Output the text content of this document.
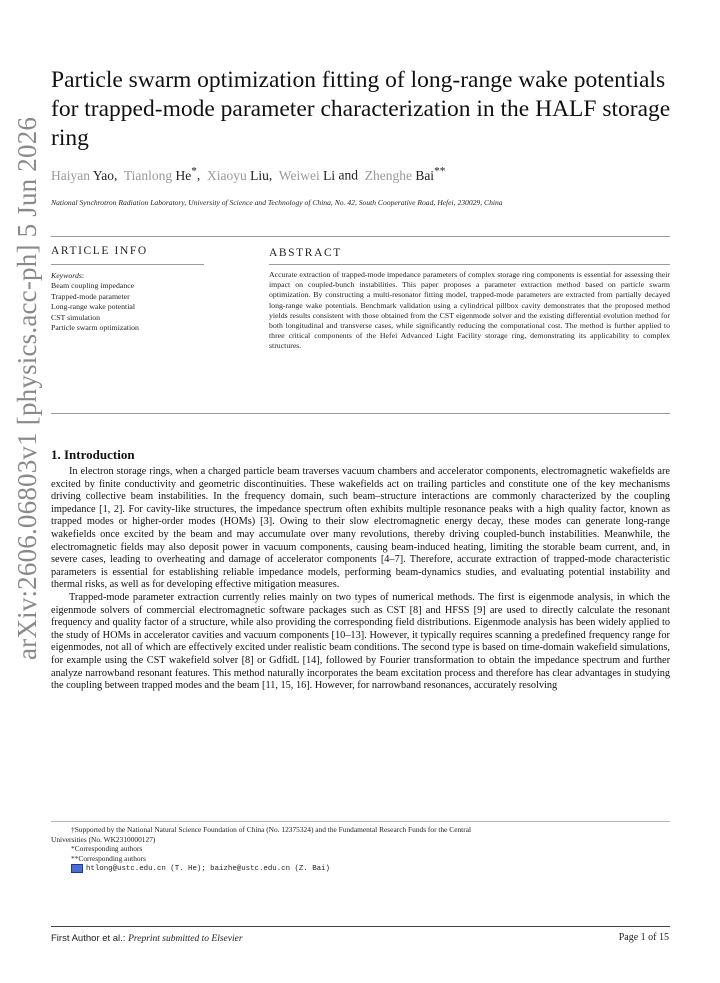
arXiv:2606.06803v1 [physics.acc-ph] 5 Jun 2026
Particle swarm optimization fitting of long-range wake potentials for trapped-mode parameter characterization in the HALF storage ring
Haiyan Yao,  Tianlong He*,  Xiaoyu Liu,  Weiwei Li and  Zhenghe Bai**
National Synchrotron Radiation Laboratory, University of Science and Technology of China, No. 42, South Cooperative Road, Hefei, 230029, China
ARTICLE INFO	ABSTRACT
Keywords:
Beam coupling impedance
Trapped-mode parameter
Long-range wake potential
CST simulation
Particle swarm optimization
Accurate extraction of trapped-mode impedance parameters of complex storage ring components is essential for assessing their impact on coupled-bunch instabilities. This paper proposes a parameter extraction method based on particle swarm optimization. By constructing a multi-resonator fitting model, trapped-mode parameters are extracted from partially decayed long-range wake potentials. Benchmark validation using a cylindrical pillbox cavity demonstrates that the proposed method yields results consistent with those obtained from the CST eigenmode solver and the existing differential evolution method for both longitudinal and transverse cases, while significantly reducing the computational cost. The method is further applied to three critical components of the Hefei Advanced Light Facility storage ring, demonstrating its applicability to complex structures.
1. Introduction

In electron storage rings, when a charged particle beam traverses vacuum chambers and accelerator components, electromagnetic wakefields are excited by finite conductivity and geometric discontinuities. These wakefields act on trailing particles and constitute one of the key mechanisms driving collective beam instabilities. In the frequency domain, such beam–structure interactions are commonly characterized by the coupling impedance [1, 2]. For cavity-like structures, the impedance spectrum often exhibits multiple resonance peaks with a high quality factor, known as trapped modes or higher-order modes (HOMs) [3]. Owing to their slow electromagnetic energy decay, these modes can generate long-range wakefields once excited by the beam and may accumulate over many revolutions, thereby driving coupled-bunch instabilities. Meanwhile, the electromagnetic fields may also deposit power in vacuum components, causing beam-induced heating, limiting the storable beam current, and, in severe cases, leading to overheating and damage of accelerator components [4–7]. Therefore, accurate extraction of trapped-mode characteristic parameters is essential for establishing reliable impedance models, performing beam-dynamics studies, and evaluating potential instability and thermal risks, as well as for developing effective mitigation measures.

Trapped-mode parameter extraction currently relies mainly on two types of numerical methods. The first is eigenmode analysis, in which the eigenmode solvers of commercial electromagnetic software packages such as CST [8] and HFSS [9] are used to directly calculate the resonant frequency and quality factor of a structure, while also providing the corresponding field distributions. Eigenmode analysis has been widely applied to the study of HOMs in accelerator cavities and vacuum components [10–13]. However, it typically requires scanning a predefined frequency range for eigenmodes, not all of which are effectively excited under realistic beam conditions. The second type is based on time-domain wakefield simulations, for example using the CST wakefield solver [8] or GdfidL [14], followed by Fourier transformation to obtain the impedance spectrum and further analyze narrowband resonant features. This method naturally incorporates the beam excitation process and therefore has clear advantages in studying the coupling between trapped modes and the beam [11, 15, 16]. However, for narrowband resonances, accurately resolving

†Supported by the National Natural Science Foundation of China (No. 12375324) and the Fundamental Research Funds for the Central
Universities (No. WK2310000127)
*Corresponding authors
**Corresponding authors
htlong@ustc.edu.cn (T. He); baizhe@ustc.edu.cn (Z. Bai)
First Author et al.: Preprint submitted to Elsevier	Page 1 of 15
